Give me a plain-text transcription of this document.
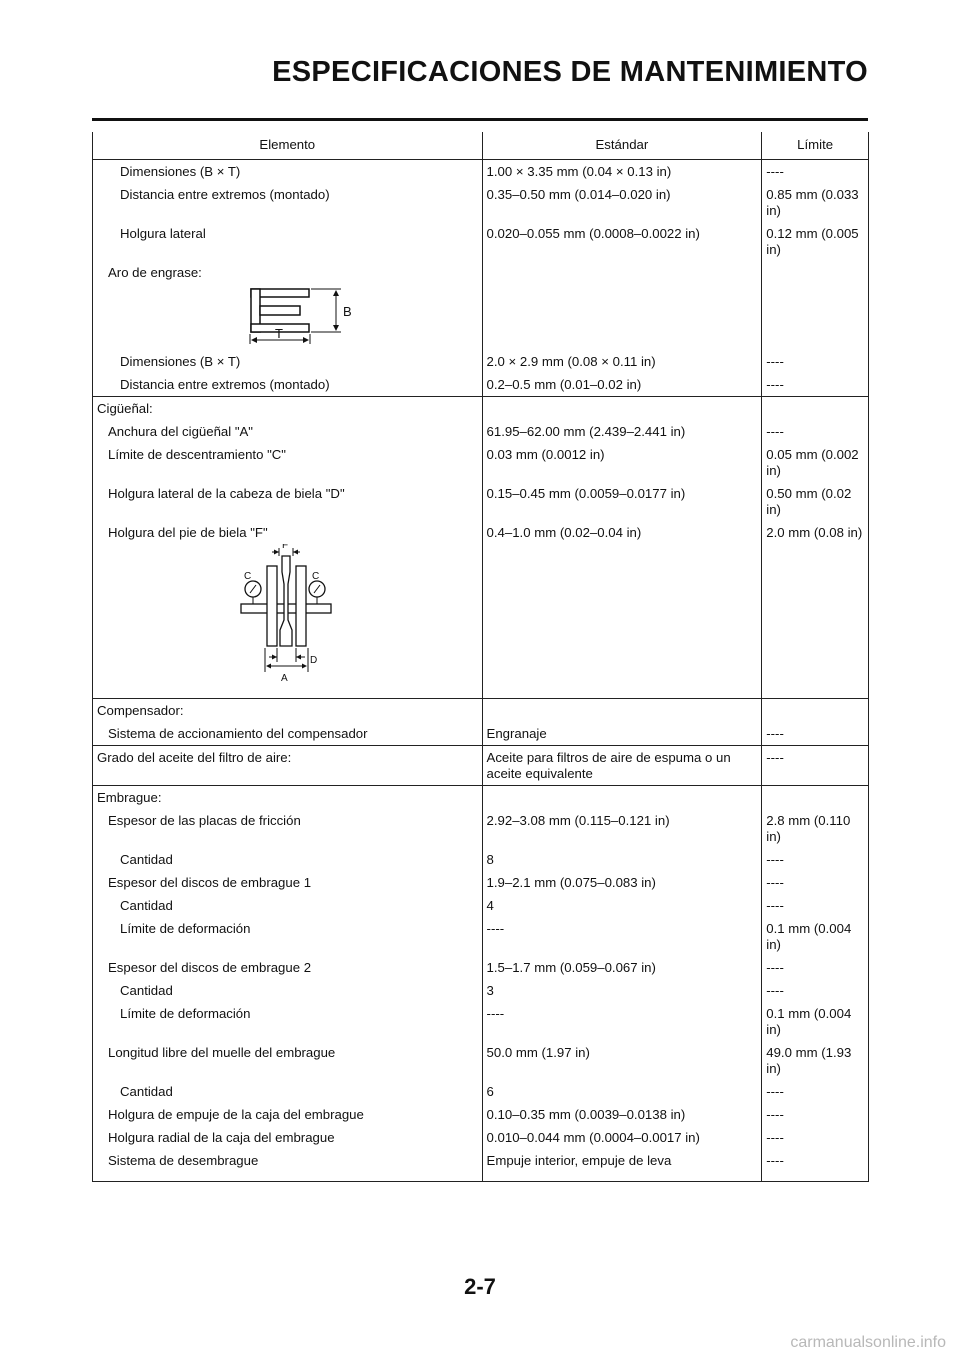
ESPECIFICACIONES DE MANTENIMIENTO
Elemento	Estándar	Límite
Dimensiones (B × T)	1.00 × 3.35 mm (0.04 × 0.13 in)	----
Distancia entre extremos (montado)	0.35–0.50 mm (0.014–0.020 in)	0.85 mm (0.033 in)
Holgura lateral	0.020–0.055 mm (0.0008–0.0022 in)	0.12 mm (0.005 in)
Aro de engrase:		

B
T		

Dimensiones (B × T)	2.0 × 2.9 mm (0.08 × 0.11 in)	----
Distancia entre extremos (montado)	0.2–0.5 mm (0.01–0.02 in)	----
Cigüeñal:		
Anchura del cigüeñal "A"	61.95–62.00 mm (2.439–2.441 in)	----
Límite de descentramiento "C"	0.03 mm (0.0012 in)	0.05 mm (0.002 in)
Holgura lateral de la cabeza de biela "D"	0.15–0.45 mm (0.0059–0.0177 in)	0.50 mm (0.02 in)
Holgura del pie de biela "F"	0.4–1.0 mm (0.02–0.04 in)	2.0 mm (0.08 in)

F
C C
D
A		

Compensador:		
Sistema de accionamiento del compensador	Engranaje	----
Grado del aceite del filtro de aire:	Aceite para filtros de aire de espuma o un aceite equivalente	----
Embrague:		
Espesor de las placas de fricción	2.92–3.08 mm (0.115–0.121 in)	2.8 mm (0.110 in)
Cantidad	8	----
Espesor del discos de embrague 1	1.9–2.1 mm (0.075–0.083 in)	----
Cantidad	4	----
Límite de deformación	----	0.1 mm (0.004 in)
Espesor del discos de embrague 2	1.5–1.7 mm (0.059–0.067 in)	----
Cantidad	3	----
Límite de deformación	----	0.1 mm (0.004 in)
Longitud libre del muelle del embrague	50.0 mm (1.97 in)	49.0 mm (1.93 in)
Cantidad	6	----
Holgura de empuje de la caja del embrague	0.10–0.35 mm (0.0039–0.0138 in)	----
Holgura radial de la caja del embrague	0.010–0.044 mm (0.0004–0.0017 in)	----
Sistema de desembrague	Empuje interior, empuje de leva	----
2-7
carmanualsonline.info
